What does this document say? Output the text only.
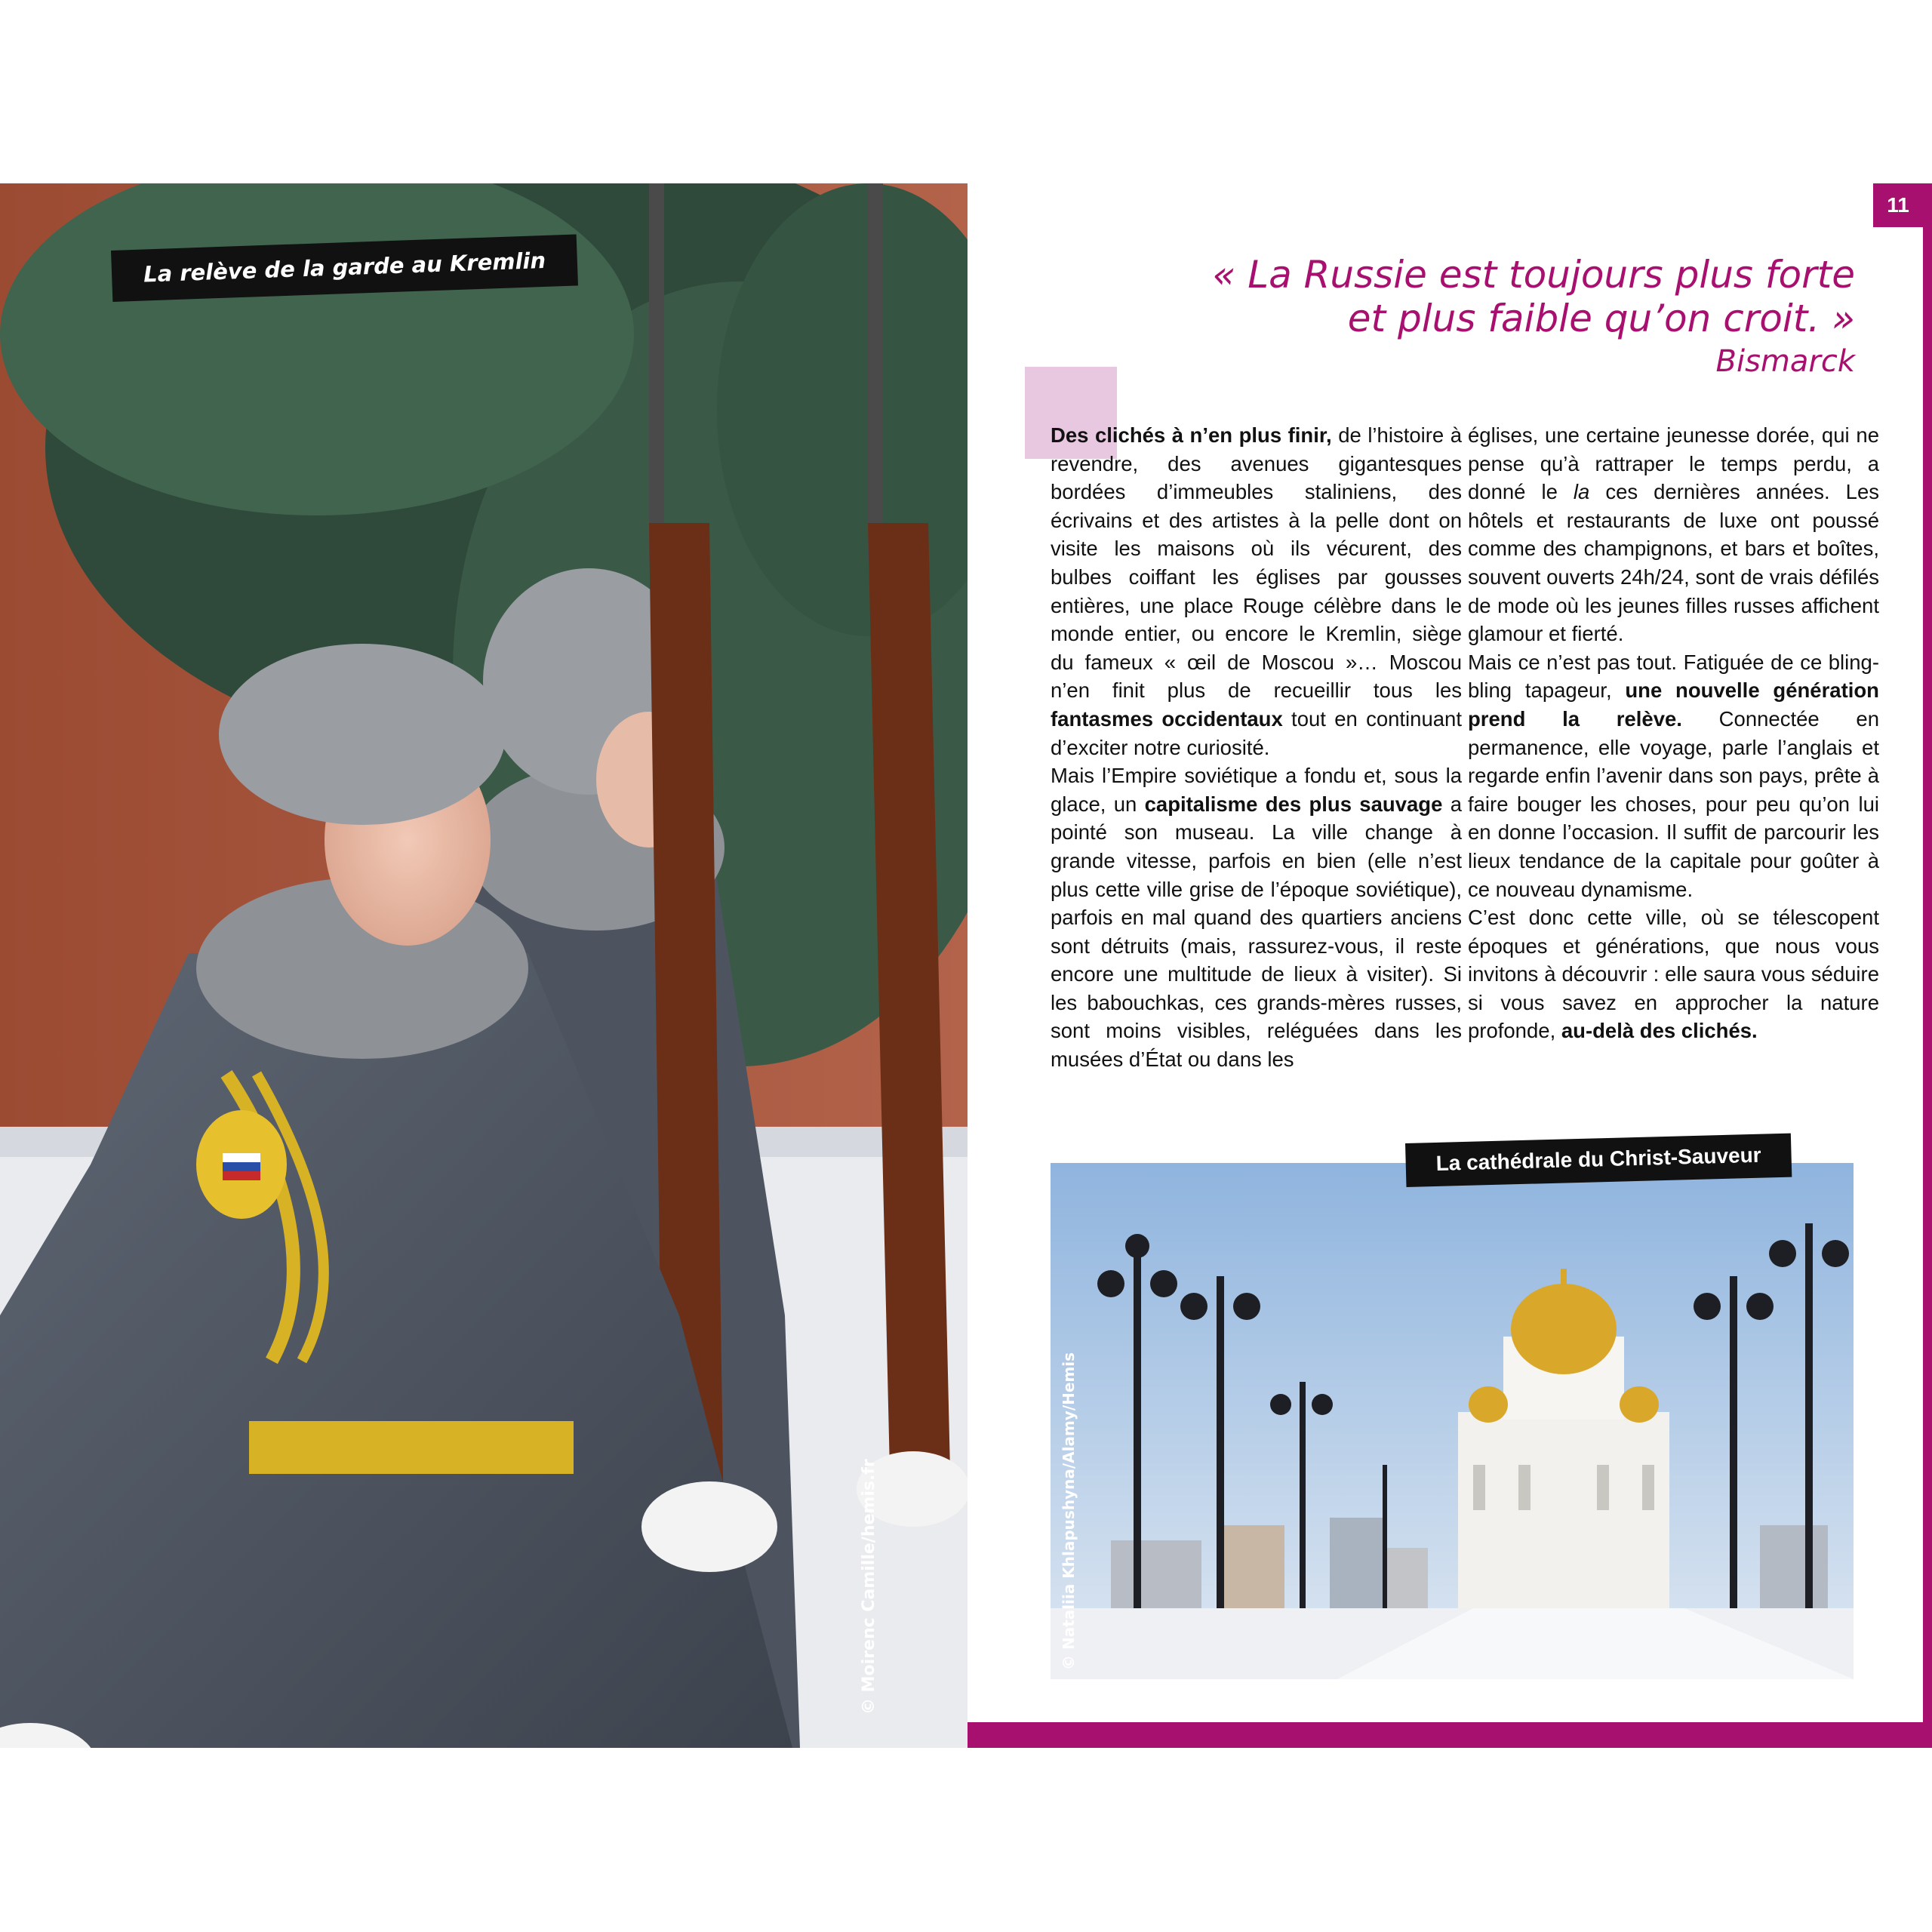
La relève de la garde au Kremlin
© Moirenc Camille/hemis.fr
11
« La Russie est toujours plus forte
et plus faible qu’on croit. »
Bismarck

Des clichés à n’en plus finir, de l’histoire à revendre, des avenues gigantesques bordées d’immeubles staliniens, des écrivains et des artistes à la pelle dont on visite les maisons où ils vécurent, des bulbes coiffant les églises par gousses entières, une place Rouge célèbre dans le monde entier, ou encore le Kremlin, siège du fameux « œil de Moscou »… Moscou n’en finit plus de recueillir tous les fantasmes occidentaux tout en continuant d’exciter notre curiosité.

Mais l’Empire soviétique a fondu et, sous la glace, un capitalisme des plus sauvage a pointé son museau. La ville change à grande vitesse, parfois en bien (elle n’est plus cette ville grise de l’époque soviétique), parfois en mal quand des quartiers anciens sont détruits (mais, rassurez-vous, il reste encore une multitude de lieux à visiter). Si les babouchkas, ces grands-mères russes, sont moins visibles, reléguées dans les musées d’État ou dans les

églises, une certaine jeunesse dorée, qui ne pense qu’à rattraper le temps perdu, a donné le la ces dernières années. Les hôtels et restaurants de luxe ont poussé comme des champignons, et bars et boîtes, souvent ouverts 24h/24, sont de vrais défilés de mode où les jeunes filles russes affichent glamour et fierté.

Mais ce n’est pas tout. Fatiguée de ce bling-bling tapageur, une nouvelle génération prend la relève. Connectée en permanence, elle voyage, parle l’anglais et regarde enfin l’avenir dans son pays, prête à faire bouger les choses, pour peu qu’on lui en donne l’occasion. Il suffit de parcourir les lieux tendance de la capitale pour goûter à ce nouveau dynamisme.

C’est donc cette ville, où se télescopent époques et générations, que nous vous invitons à découvrir : elle saura vous séduire si vous savez en approcher la nature profonde, au-delà des clichés.

La cathédrale du Christ-Sauveur
© Nataliia Khlapushyna/Alamy/Hemis
